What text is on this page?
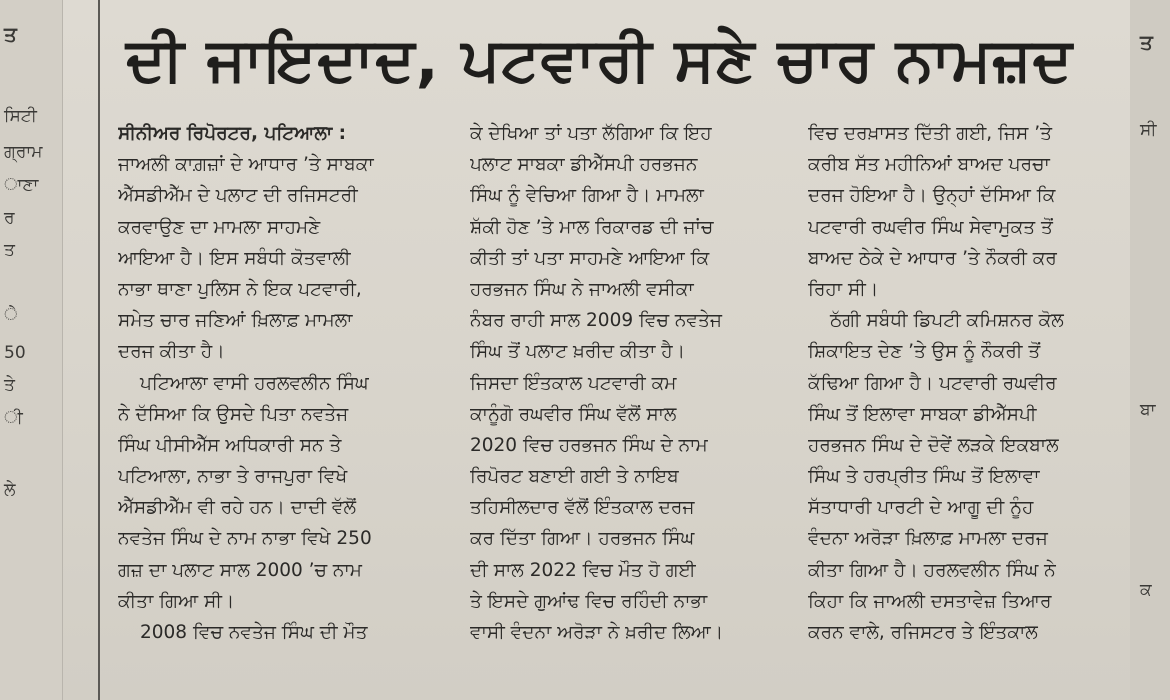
ਤ
ਸਿਟੀ
ਗ੍ਰਾਮ
ਾਣਾ
ਰ
ਤ
ੇ
50
ਤੇ
ੀ
ਲੇ
ਤ
ਸੀ
ਬਾ
ਕ
ਦੀ ਜਾਇਦਾਦ, ਪਟਵਾਰੀ ਸਣੇ ਚਾਰ ਨਾਮਜ਼ਦ
ਸੀਨੀਅਰ ਰਿਪੋਰਟਰ, ਪਟਿਆਲਾ :
ਜਾਅਲੀ ਕਾਗ਼ਜ਼ਾਂ ਦੇ ਆਧਾਰ ’ਤੇ ਸਾਬਕਾ
ਐੱਸਡੀਐੱਮ ਦੇ ਪਲਾਟ ਦੀ ਰਜਿਸਟਰੀ
ਕਰਵਾਉਣ ਦਾ ਮਾਮਲਾ ਸਾਹਮਣੇ
ਆਇਆ ਹੈ। ਇਸ ਸਬੰਧੀ ਕੋਤਵਾਲੀ
ਨਾਭਾ ਥਾਣਾ ਪੁਲਿਸ ਨੇ ਇਕ ਪਟਵਾਰੀ,
ਸਮੇਤ ਚਾਰ ਜਣਿਆਂ ਖ਼ਿਲਾਫ਼ ਮਾਮਲਾ
ਦਰਜ ਕੀਤਾ ਹੈ।
ਪਟਿਆਲਾ ਵਾਸੀ ਹਰਲਵਲੀਨ ਸਿੰਘ
ਨੇ ਦੱਸਿਆ ਕਿ ਉਸਦੇ ਪਿਤਾ ਨਵਤੇਜ
ਸਿੰਘ ਪੀਸੀਐੱਸ ਅਧਿਕਾਰੀ ਸਨ ਤੇ
ਪਟਿਆਲਾ, ਨਾਭਾ ਤੇ ਰਾਜਪੁਰਾ ਵਿਖੇ
ਐੱਸਡੀਐੱਮ ਵੀ ਰਹੇ ਹਨ। ਦਾਦੀ ਵੱਲੋਂ
ਨਵਤੇਜ ਸਿੰਘ ਦੇ ਨਾਮ ਨਾਭਾ ਵਿਖੇ 250
ਗਜ਼ ਦਾ ਪਲਾਟ ਸਾਲ 2000 ’ਚ ਨਾਮ
ਕੀਤਾ ਗਿਆ ਸੀ।
2008 ਵਿਚ ਨਵਤੇਜ ਸਿੰਘ ਦੀ ਮੌਤ
ਕੇ ਦੇਖਿਆ ਤਾਂ ਪਤਾ ਲੱਗਿਆ ਕਿ ਇਹ
ਪਲਾਟ ਸਾਬਕਾ ਡੀਐੱਸਪੀ ਹਰਭਜਨ
ਸਿੰਘ ਨੂੰ ਵੇਚਿਆ ਗਿਆ ਹੈ। ਮਾਮਲਾ
ਸ਼ੱਕੀ ਹੋਣ ’ਤੇ ਮਾਲ ਰਿਕਾਰਡ ਦੀ ਜਾਂਚ
ਕੀਤੀ ਤਾਂ ਪਤਾ ਸਾਹਮਣੇ ਆਇਆ ਕਿ
ਹਰਭਜਨ ਸਿੰਘ ਨੇ ਜਾਅਲੀ ਵਸੀਕਾ
ਨੰਬਰ ਰਾਹੀ ਸਾਲ 2009 ਵਿਚ ਨਵਤੇਜ
ਸਿੰਘ ਤੋਂ ਪਲਾਟ ਖ਼ਰੀਦ ਕੀਤਾ ਹੈ।
ਜਿਸਦਾ ਇੰਤਕਾਲ ਪਟਵਾਰੀ ਕਮ
ਕਾਨੂੰਗੋ ਰਘਵੀਰ ਸਿੰਘ ਵੱਲੋਂ ਸਾਲ
2020 ਵਿਚ ਹਰਭਜਨ ਸਿੰਘ ਦੇ ਨਾਮ
ਰਿਪੋਰਟ ਬਣਾਈ ਗਈ ਤੇ ਨਾਇਬ
ਤਹਿਸੀਲਦਾਰ ਵੱਲੋਂ ਇੰਤਕਾਲ ਦਰਜ
ਕਰ ਦਿੱਤਾ ਗਿਆ। ਹਰਭਜਨ ਸਿੰਘ
ਦੀ ਸਾਲ 2022 ਵਿਚ ਮੌਤ ਹੋ ਗਈ
ਤੇ ਇਸਦੇ ਗੁਆਂਢ ਵਿਚ ਰਹਿੰਦੀ ਨਾਭਾ
ਵਾਸੀ ਵੰਦਨਾ ਅਰੋੜਾ ਨੇ ਖ਼ਰੀਦ ਲਿਆ।
ਵਿਚ ਦਰਖ਼ਾਸਤ ਦਿੱਤੀ ਗਈ, ਜਿਸ ’ਤੇ
ਕਰੀਬ ਸੱਤ ਮਹੀਨਿਆਂ ਬਾਅਦ ਪਰਚਾ
ਦਰਜ ਹੋਇਆ ਹੈ। ਉਨ੍ਹਾਂ ਦੱਸਿਆ ਕਿ
ਪਟਵਾਰੀ ਰਘਵੀਰ ਸਿੰਘ ਸੇਵਾਮੁਕਤ ਤੋਂ
ਬਾਅਦ ਠੇਕੇ ਦੇ ਆਧਾਰ ’ਤੇ ਨੌਕਰੀ ਕਰ
ਰਿਹਾ ਸੀ।
ਠੱਗੀ ਸਬੰਧੀ ਡਿਪਟੀ ਕਮਿਸ਼ਨਰ ਕੋਲ
ਸ਼ਿਕਾਇਤ ਦੇਣ ’ਤੇ ਉਸ ਨੂੰ ਨੌਕਰੀ ਤੋਂ
ਕੱਢਿਆ ਗਿਆ ਹੈ। ਪਟਵਾਰੀ ਰਘਵੀਰ
ਸਿੰਘ ਤੋਂ ਇਲਾਵਾ ਸਾਬਕਾ ਡੀਐੱਸਪੀ
ਹਰਭਜਨ ਸਿੰਘ ਦੇ ਦੋਵੇਂ ਲੜਕੇ ਇਕਬਾਲ
ਸਿੰਘ ਤੇ ਹਰਪ੍ਰੀਤ ਸਿੰਘ ਤੋਂ ਇਲਾਵਾ
ਸੱਤਾਧਾਰੀ ਪਾਰਟੀ ਦੇ ਆਗੂ ਦੀ ਨੂੰਹ
ਵੰਦਨਾ ਅਰੋੜਾ ਖ਼ਿਲਾਫ਼ ਮਾਮਲਾ ਦਰਜ
ਕੀਤਾ ਗਿਆ ਹੈ। ਹਰਲਵਲੀਨ ਸਿੰਘ ਨੇ
ਕਿਹਾ ਕਿ ਜਾਅਲੀ ਦਸਤਾਵੇਜ਼ ਤਿਆਰ
ਕਰਨ ਵਾਲੇ, ਰਜਿਸਟਰ ਤੇ ਇੰਤਕਾਲ
